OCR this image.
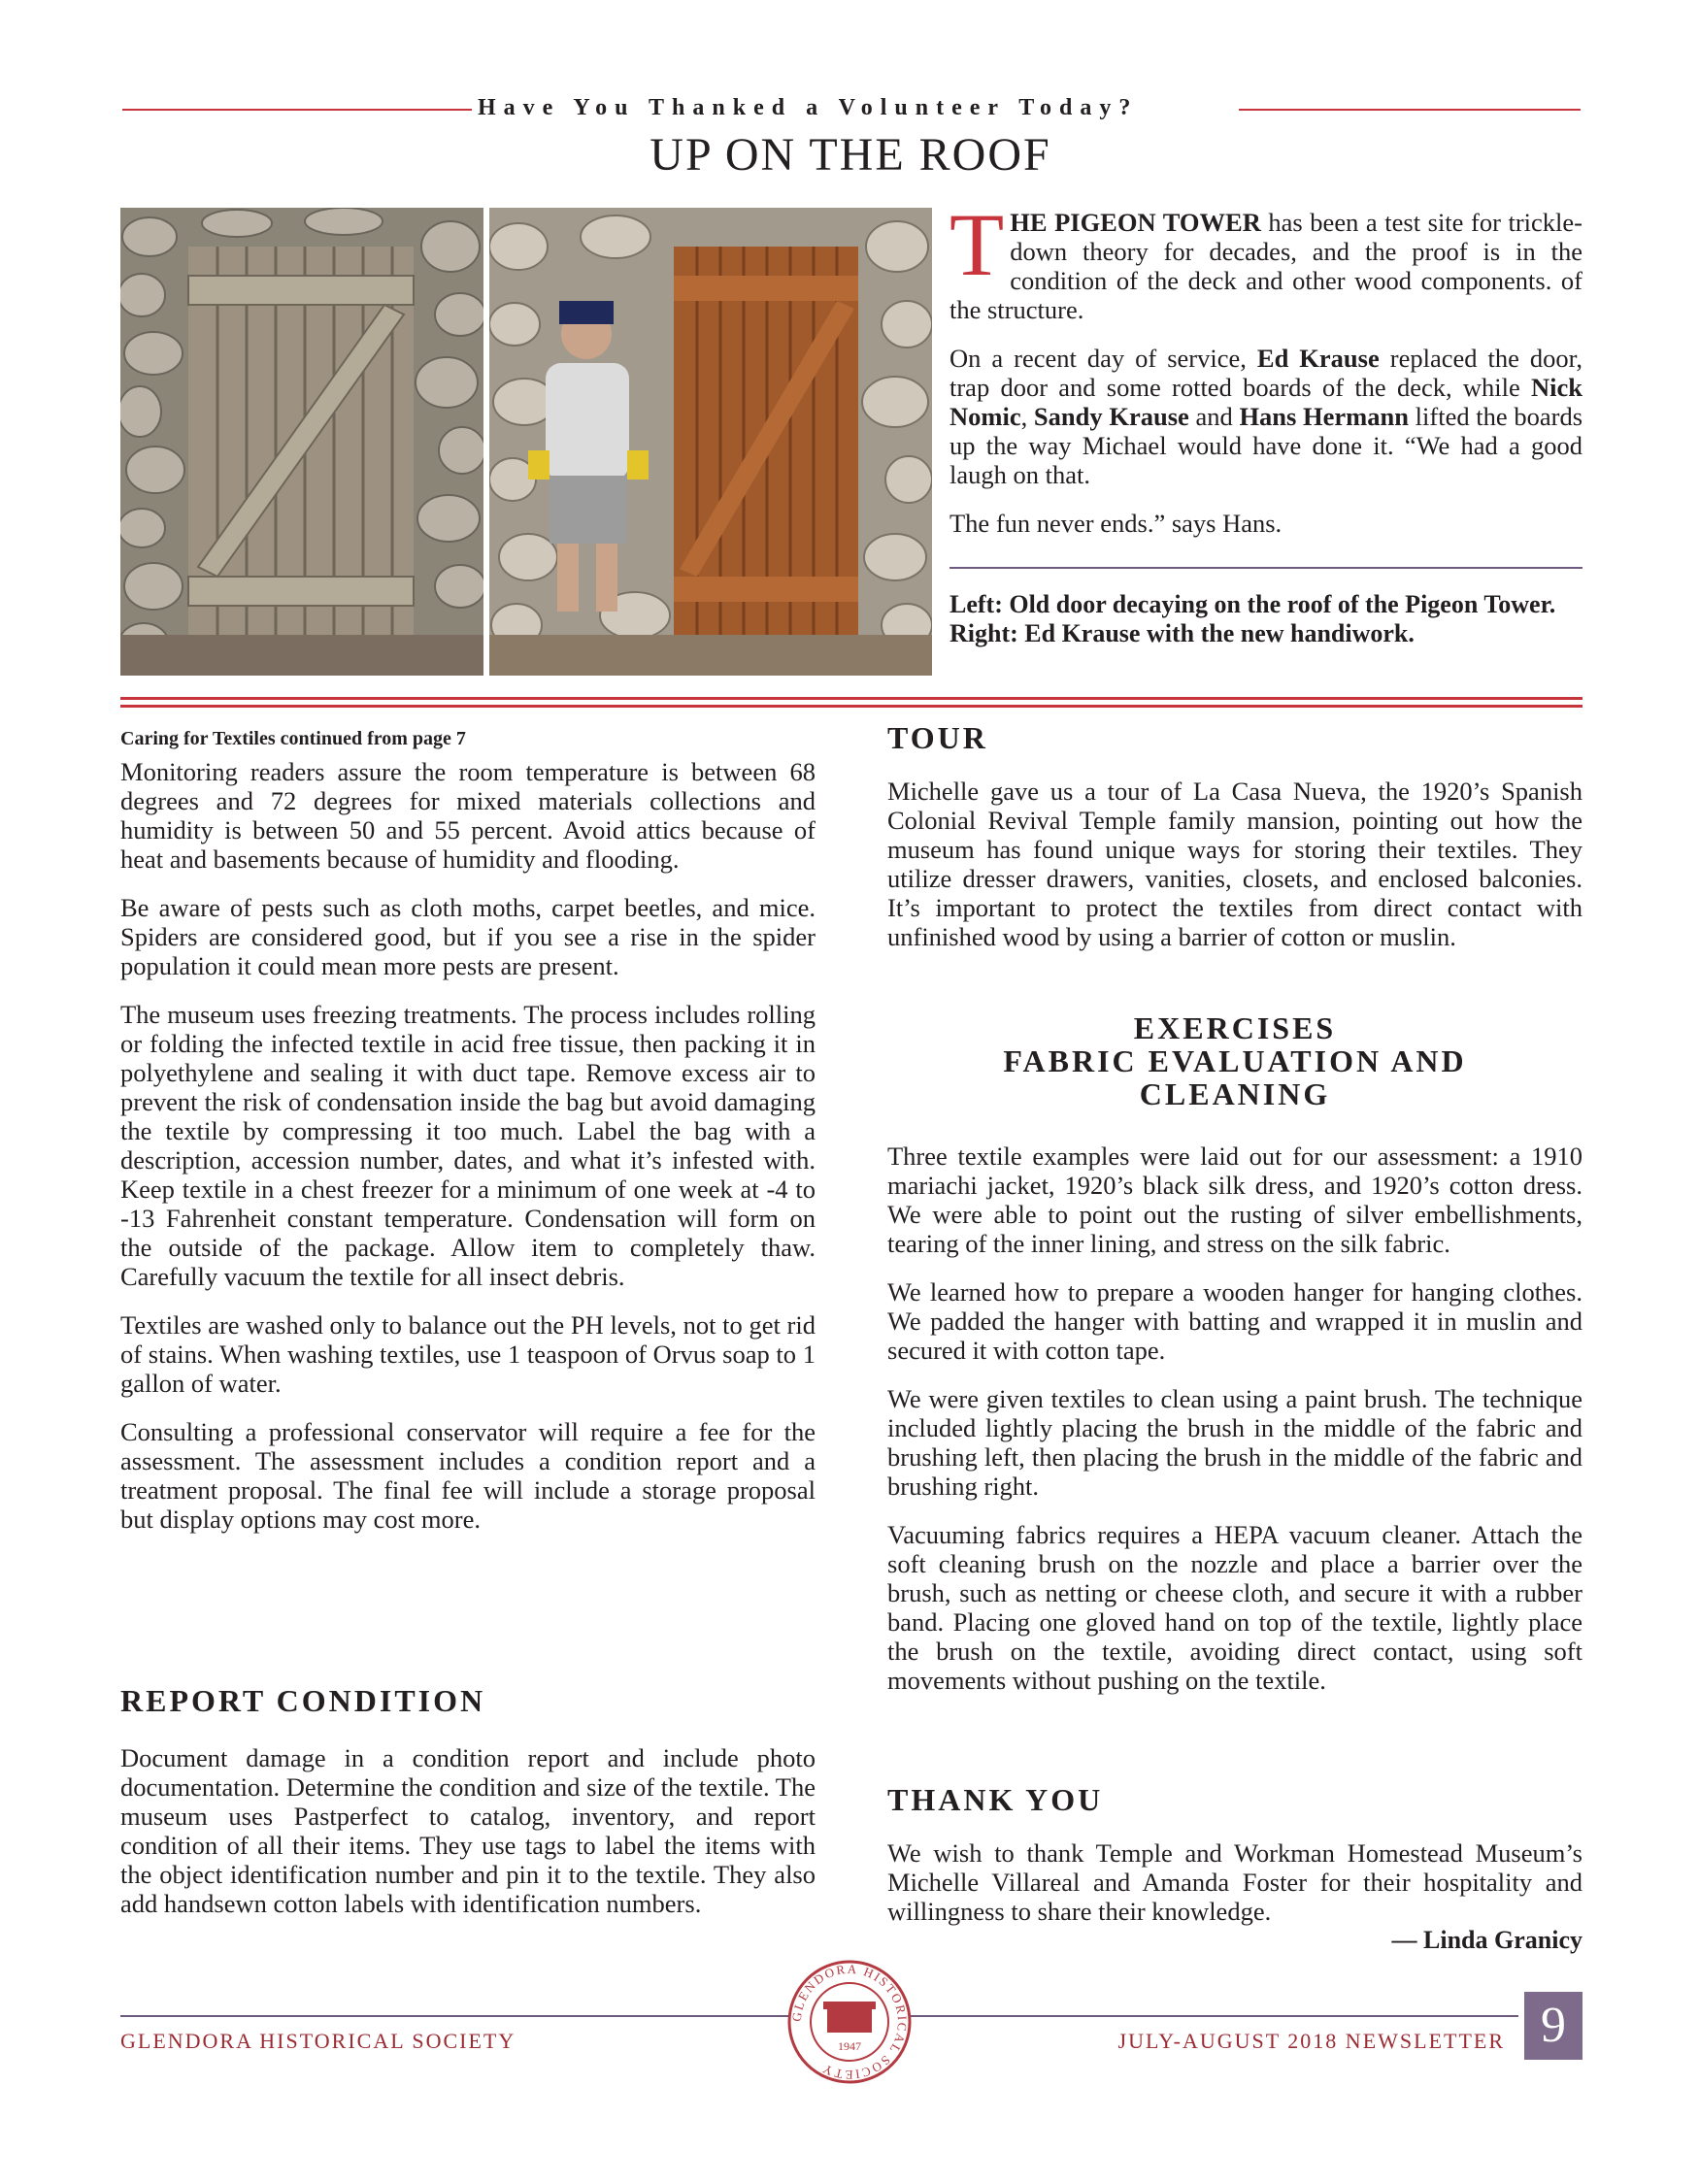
Have You Thanked a Volunteer Today?
UP ON THE ROOF

THE PIGEON TOWER has been a test site for trickle-down theory for decades, and the proof is in the condition of the deck and other wood components. of the structure.

On a recent day of service, Ed Krause replaced the door, trap door and some rotted boards of the deck, while Nick Nomic, Sandy Krause and Hans Hermann lifted the boards up the way Michael would have done it. “We had a good laugh on that.

The fun never ends.” says Hans.

Left: Old door decaying on the roof of the Pigeon Tower.
Right: Ed Krause with the new handiwork.
Caring for Textiles continued from page 7

Monitoring readers assure the room temperature is between 68 degrees and 72 degrees for mixed materials collections and humidity is between 50 and 55 percent. Avoid attics because of heat and basements because of humidity and flooding.

Be aware of pests such as cloth moths, carpet beetles, and mice. Spiders are considered good, but if you see a rise in the spider population it could mean more pests are present.

The museum uses freezing treatments. The process includes rolling or folding the infected textile in acid free tissue, then packing it in polyethylene and sealing it with duct tape. Remove excess air to prevent the risk of condensation inside the bag but avoid damaging the textile by compressing it too much. Label the bag with a description, accession number, dates, and what it’s infested with. Keep textile in a chest freezer for a minimum of one week at -4 to -13 Fahrenheit constant temperature. Condensation will form on the outside of the package. Allow item to completely thaw. Carefully vacuum the textile for all insect debris.

Textiles are washed only to balance out the PH levels, not to get rid of stains. When washing textiles, use 1 teaspoon of Orvus soap to 1 gallon of water.

Consulting a professional conservator will require a fee for the assessment. The assessment includes a condition report and a treatment proposal. The final fee will include a storage proposal but display options may cost more.

REPORT CONDITION

Document damage in a condition report and include photo documentation. Determine the condition and size of the textile. The museum uses Pastperfect to catalog, inventory, and report condition of all their items. They use tags to label the items with the object identification number and pin it to the textile. They also add handsewn cotton labels with identification numbers.

TOUR

Michelle gave us a tour of La Casa Nueva, the 1920’s Spanish Colonial Revival Temple family mansion, pointing out how the museum has found unique ways for storing their textiles. They utilize dresser drawers, vanities, closets, and enclosed balconies. It’s important to protect the textiles from direct contact with unfinished wood by using a barrier of cotton or muslin.

EXERCISES
FABRIC EVALUATION AND
CLEANING

Three textile examples were laid out for our assessment: a 1910 mariachi jacket, 1920’s black silk dress, and 1920’s cotton dress. We were able to point out the rusting of silver embellishments, tearing of the inner lining, and stress on the silk fabric.

We learned how to prepare a wooden hanger for hanging clothes. We padded the hanger with batting and wrapped it in muslin and secured it with cotton tape.

We were given textiles to clean using a paint brush. The technique included lightly placing the brush in the middle of the fabric and brushing left, then placing the brush in the middle of the fabric and brushing right.

Vacuuming fabrics requires a HEPA vacuum cleaner. Attach the soft cleaning brush on the nozzle and place a barrier over the brush, such as netting or cheese cloth, and secure it with a rubber band. Placing one gloved hand on top of the textile, lightly place the brush on the textile, avoiding direct contact, using soft movements without pushing on the textile.

THANK YOU

We wish to thank Temple and Workman Homestead Museum’s Michelle Villareal and Amanda Foster for their hospitality and willingness to share their knowledge.

— Linda Granicy
GLENDORA HISTORICAL SOCIETY
1947
GLENDORA HISTORICAL SOCIETY	JULY-AUGUST 2018 NEWSLETTER 9
